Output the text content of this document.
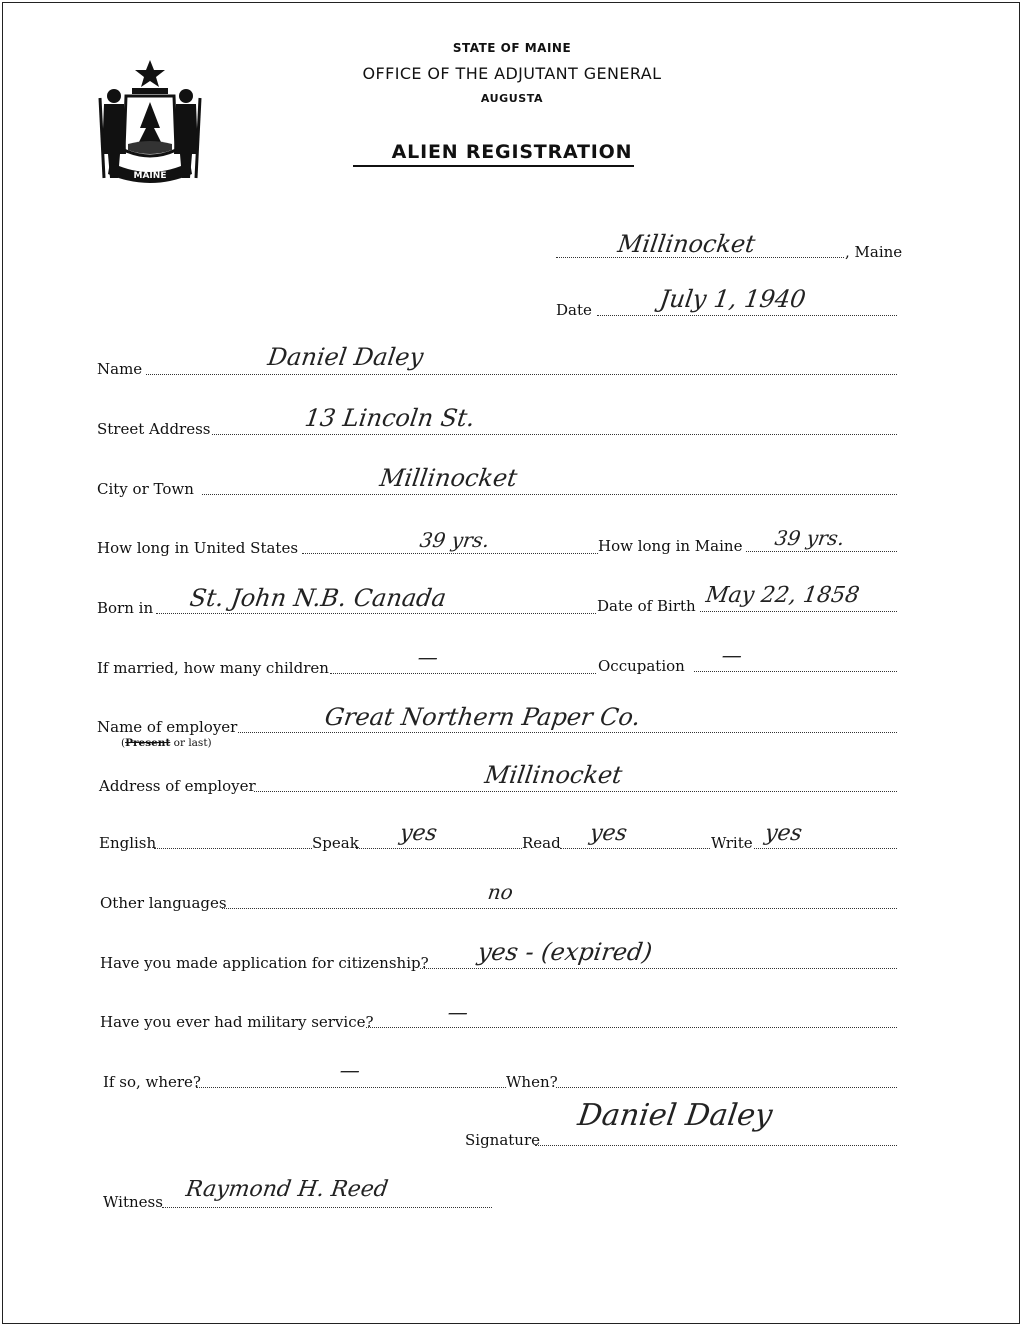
MAINE
STATE OF MAINE
OFFICE OF THE ADJUTANT GENERAL
AUGUSTA
ALIEN REGISTRATION
Millinocket	, Maine
Date	July 1, 1940
Name	Daniel Daley
Street Address	13 Lincoln St.
City or Town	Millinocket
How long in United States	39 yrs.	How long in Maine 39 yrs.
Born in St. John N.B. Canada	Date of Birth May 22, 1858
If married, how many children	—	Occupation —
Name of employer
(Present or last)
Great Northern Paper Co.
Address of employer	Millinocket
English	Speak yes	Read yes	Write yes
Other languages	no
Have you made application for citizenship? yes - (expired)
Have you ever had military service?	—
If so, where?	—	When?
Signature
Daniel Daley
Witness Raymond H. Reed
